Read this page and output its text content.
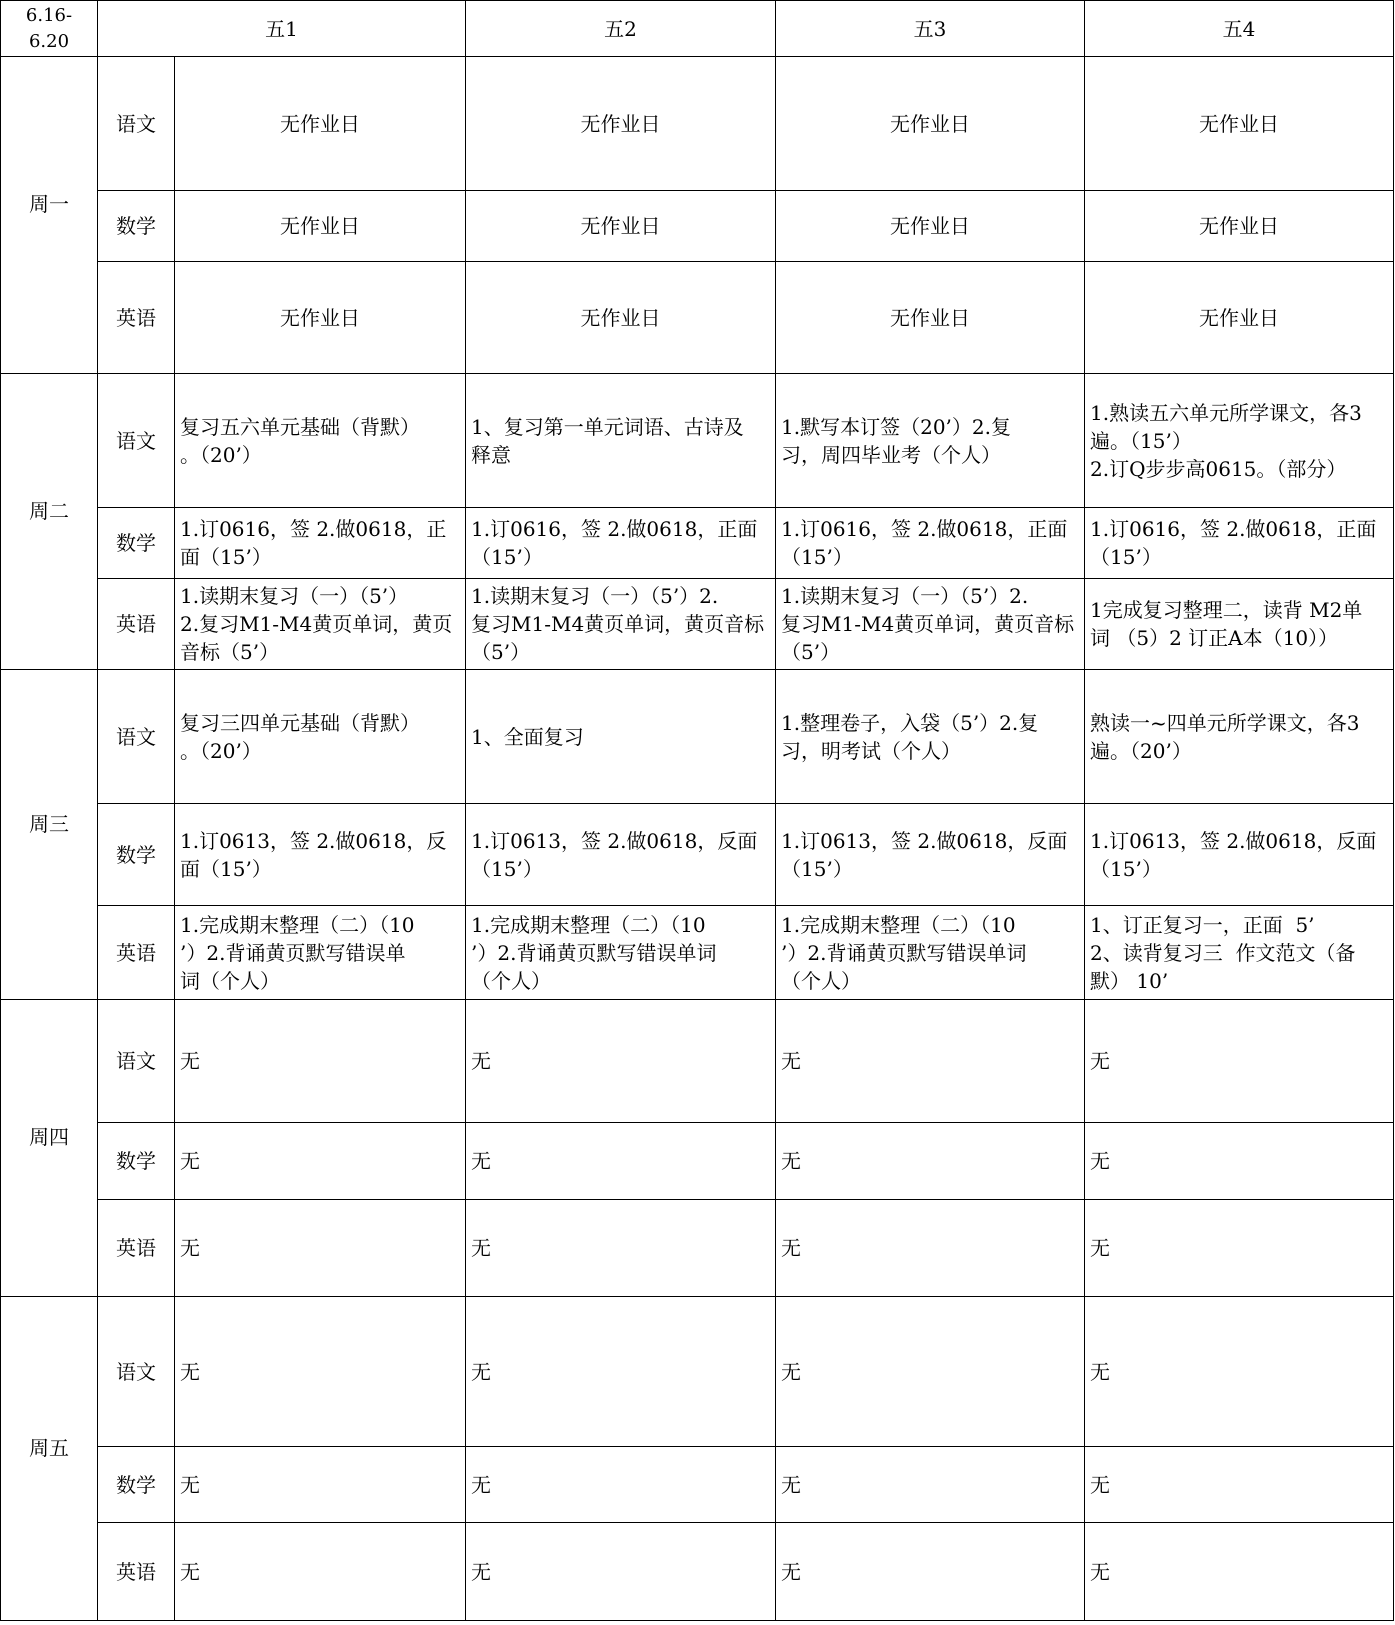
6.16-
6.20	五1		五2	五3	五4
周一	语文	无作业日	无作业日	无作业日	无作业日
	数学	无作业日	无作业日	无作业日	无作业日
	英语	无作业日	无作业日	无作业日	无作业日
周二	语文	复习五六单元基础（背默）
。（20’）	1、复习第一单元词语、古诗及
释意	1.默写本订签（20’）2.复
习，周四毕业考（个人）	1.熟读五六单元所学课文，各3
遍。（15’）
2.订Q步步高0615。（部分）
	数学	1.订0616，签 2.做0618，正
面（15’）	1.订0616，签 2.做0618，正面
（15’）	1.订0616，签 2.做0618，正面
（15’）	1.订0616，签 2.做0618，正面
（15’）
	英语	1.读期末复习（一）（5’）
2.复习M1-M4黄页单词，黄页
音标（5’）	1.读期末复习（一）（5’）2.
复习M1-M4黄页单词，黄页音标
（5’）	1.读期末复习（一）（5’）2.
复习M1-M4黄页单词，黄页音标
（5’）	1完成复习整理二，读背 M2单
词 （5）2 订正A本（10））
周三	语文	复习三四单元基础（背默）
。（20’）	1、全面复习	1.整理卷子，入袋（5’）2.复
习，明考试（个人）	熟读一~四单元所学课文，各3
遍。（20’）
	数学	1.订0613，签 2.做0618，反
面（15’）	1.订0613，签 2.做0618，反面
（15’）	1.订0613，签 2.做0618，反面
（15’）	1.订0613，签 2.做0618，反面
（15’）
	英语	1.完成期末整理（二）（10
’）2.背诵黄页默写错误单
词（个人）	1.完成期末整理（二）（10
’）2.背诵黄页默写错误单词
（个人）	1.完成期末整理（二）（10
’）2.背诵黄页默写错误单词
（个人）	1、订正复习一，正面  5’
2、读背复习三  作文范文（备
默） 10’
周四	语文	无	无	无	无
	数学	无	无	无	无
	英语	无	无	无	无
周五	语文	无	无	无	无
	数学	无	无	无	无
	英语	无	无	无	无
